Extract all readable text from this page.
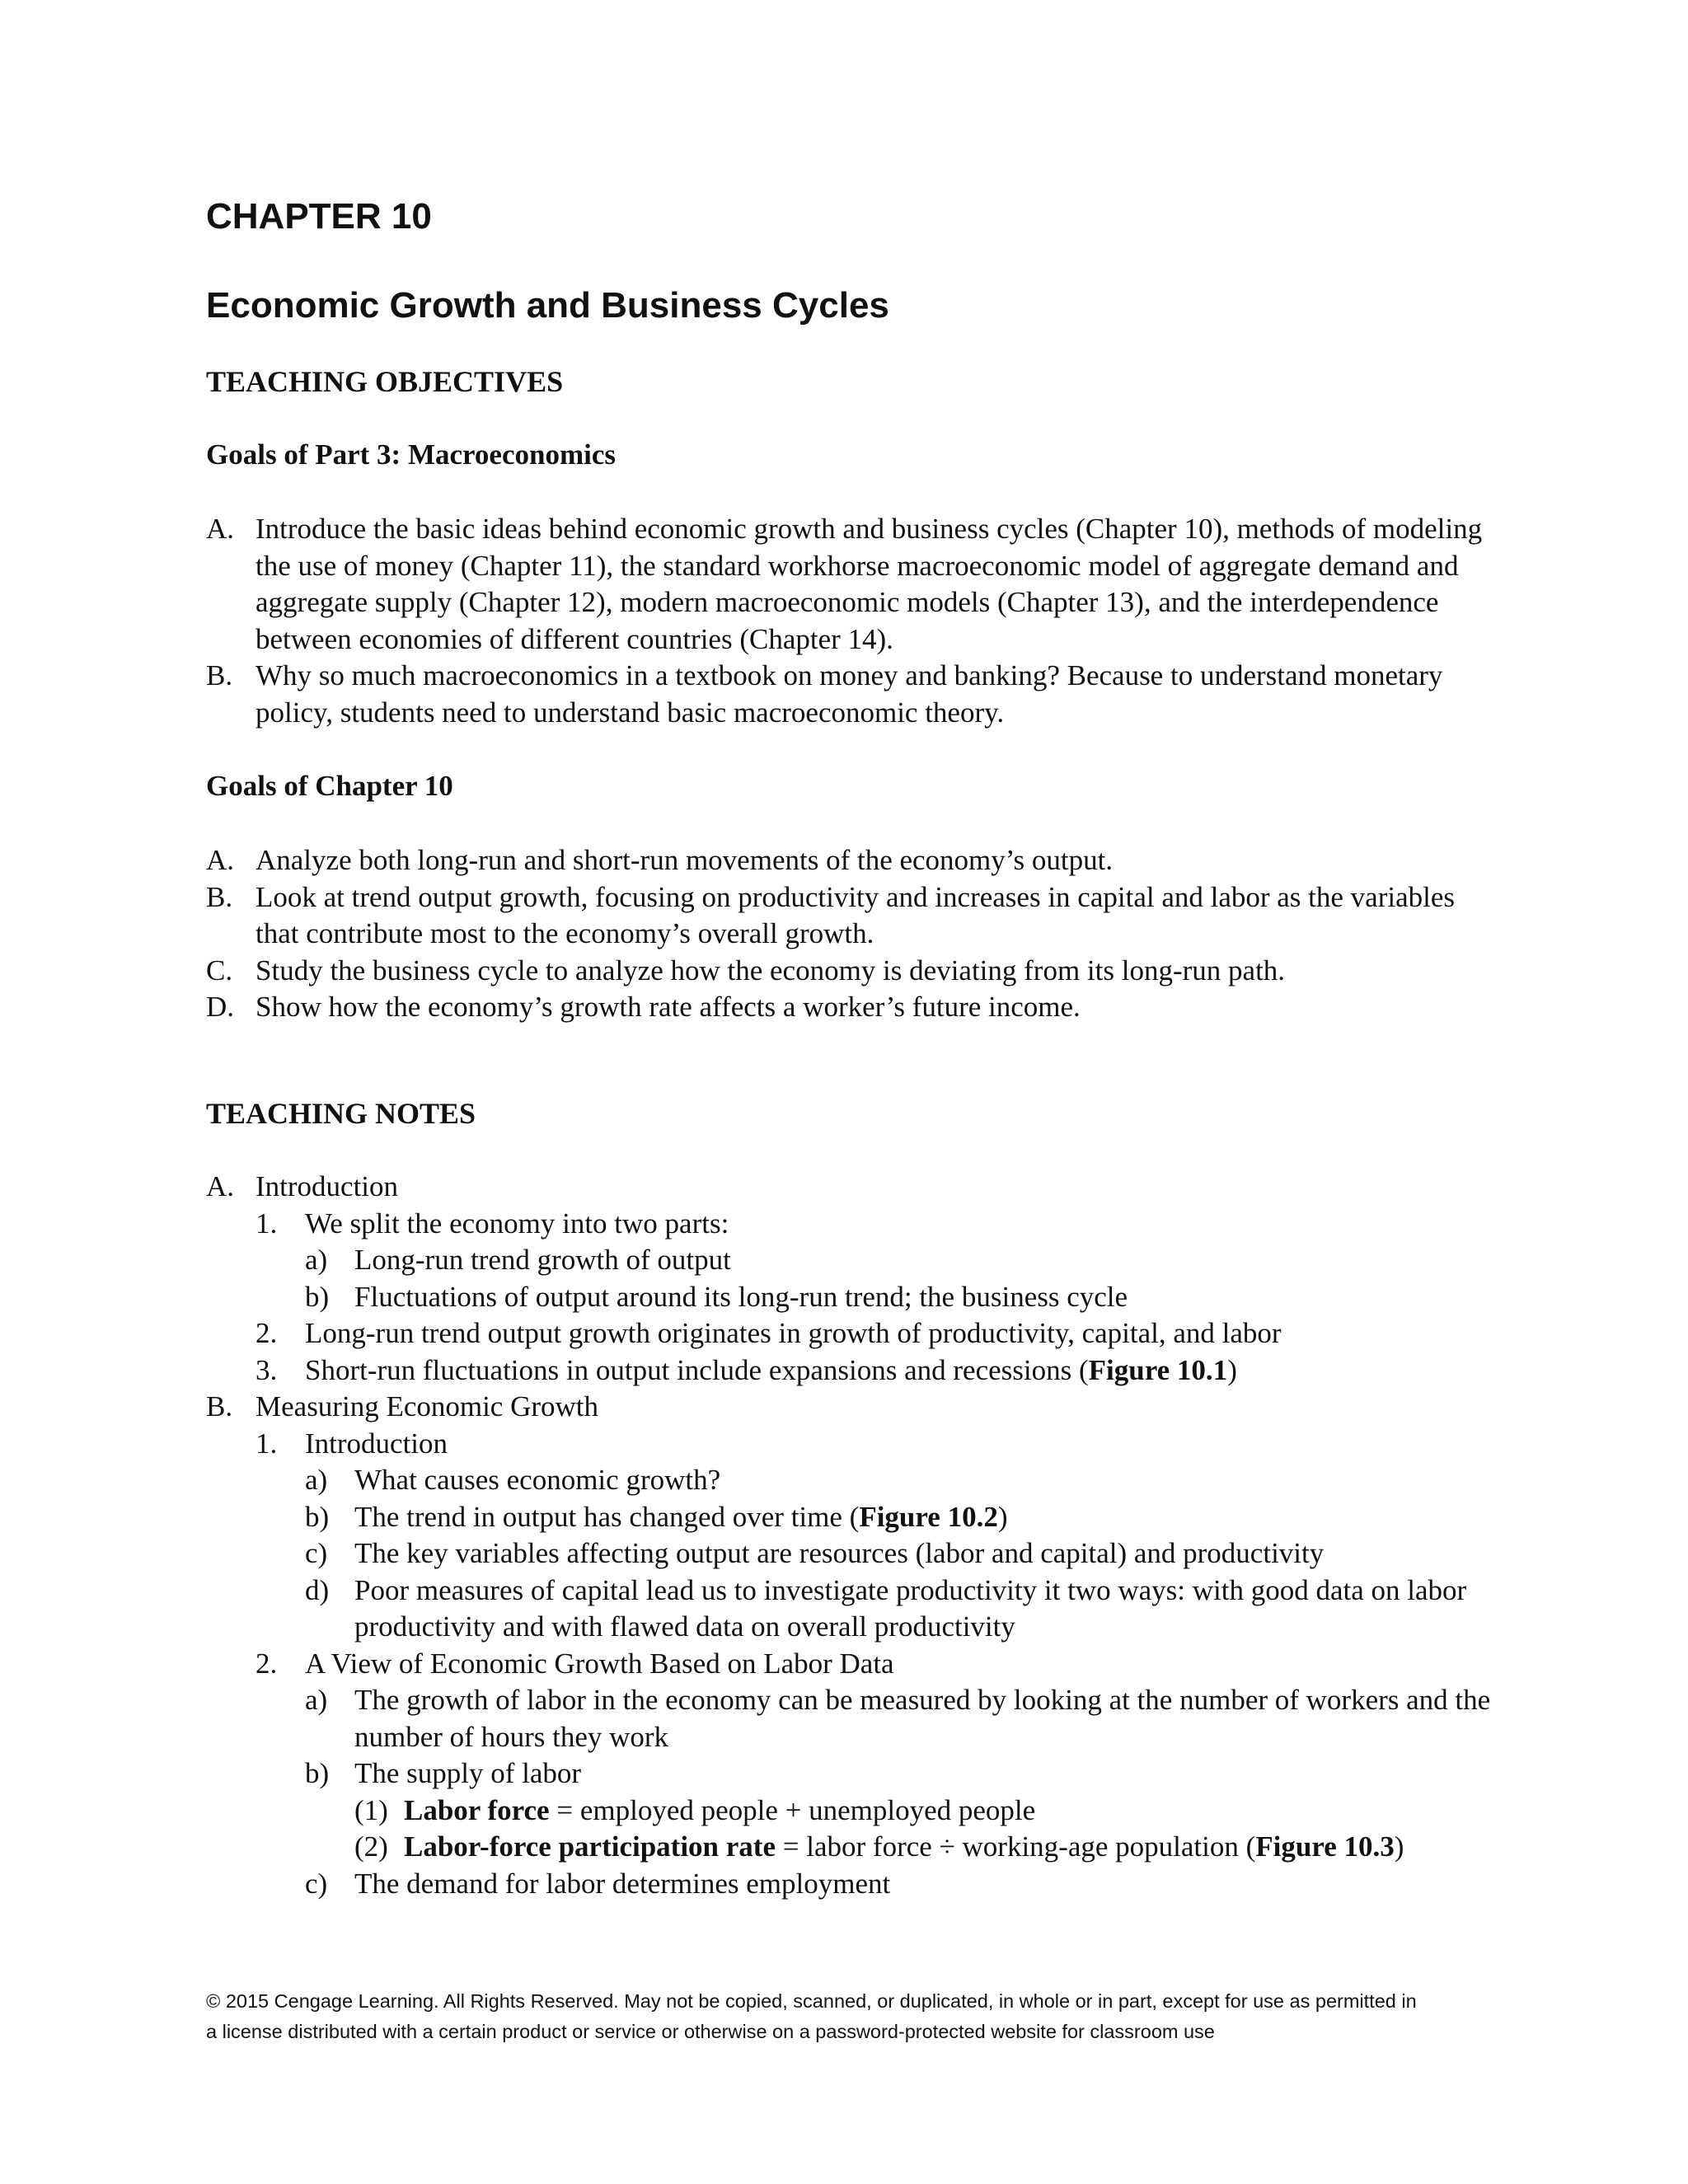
CHAPTER 10
Economic Growth and Business Cycles
TEACHING OBJECTIVES
Goals of Part 3: Macroeconomics
A. Introduce the basic ideas behind economic growth and business cycles (Chapter 10), methods of modeling the use of money (Chapter 11), the standard workhorse macroeconomic model of aggregate demand and aggregate supply (Chapter 12), modern macroeconomic models (Chapter 13), and the interdependence between economies of different countries (Chapter 14).
B. Why so much macroeconomics in a textbook on money and banking? Because to understand monetary policy, students need to understand basic macroeconomic theory.
Goals of Chapter 10
A. Analyze both long-run and short-run movements of the economy’s output.
B. Look at trend output growth, focusing on productivity and increases in capital and labor as the variables that contribute most to the economy’s overall growth.
C. Study the business cycle to analyze how the economy is deviating from its long-run path.
D. Show how the economy’s growth rate affects a worker’s future income.
TEACHING NOTES
A. Introduction
1. We split the economy into two parts:
a) Long-run trend growth of output
b) Fluctuations of output around its long-run trend; the business cycle
2. Long-run trend output growth originates in growth of productivity, capital, and labor
3. Short-run fluctuations in output include expansions and recessions (Figure 10.1)
B. Measuring Economic Growth
1. Introduction
a) What causes economic growth?
b) The trend in output has changed over time (Figure 10.2)
c) The key variables affecting output are resources (labor and capital) and productivity
d) Poor measures of capital lead us to investigate productivity it two ways: with good data on labor productivity and with flawed data on overall productivity
2. A View of Economic Growth Based on Labor Data
a) The growth of labor in the economy can be measured by looking at the number of workers and the number of hours they work
b) The supply of labor
(1) Labor force = employed people + unemployed people
(2) Labor-force participation rate = labor force ÷ working-age population (Figure 10.3)
c) The demand for labor determines employment
© 2015 Cengage Learning. All Rights Reserved. May not be copied, scanned, or duplicated, in whole or in part, except for use as permitted in
a license distributed with a certain product or service or otherwise on a password-protected website for classroom use
